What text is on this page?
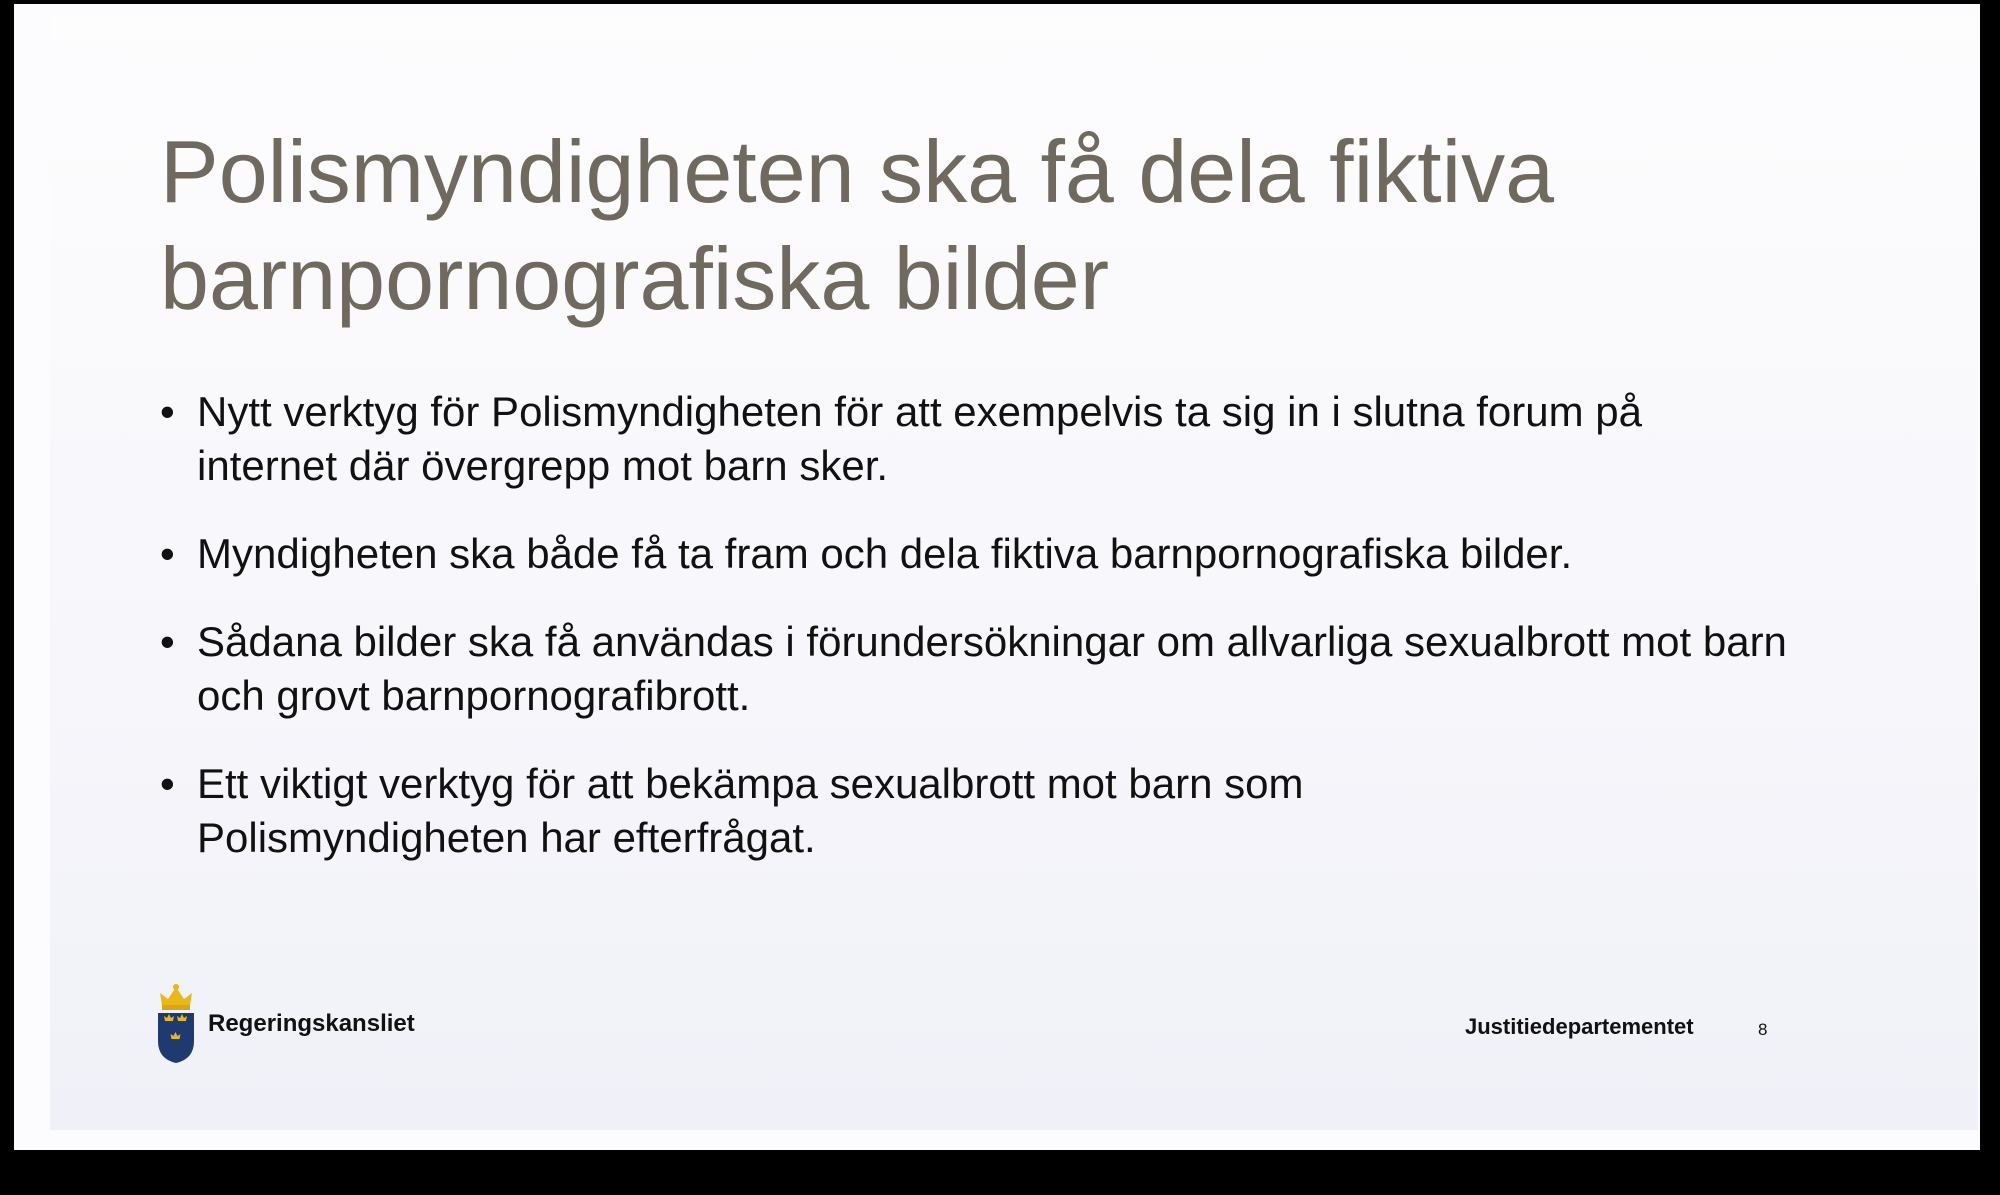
Polismyndigheten ska få dela fiktiva
barnpornografiska bilder
• Nytt verktyg för Polismyndigheten för att exempelvis ta sig in i slutna forum på internet där övergrepp mot barn sker.
• Myndigheten ska både få ta fram och dela fiktiva barnpornografiska bilder.
• Sådana bilder ska få användas i förundersökningar om allvarliga sexualbrott mot barn och grovt barnpornografibrott.
• Ett viktigt verktyg för att bekämpa sexualbrott mot barn som Polismyndigheten har efterfrågat.
Regeringskansliet	Justitiedepartementet	8
